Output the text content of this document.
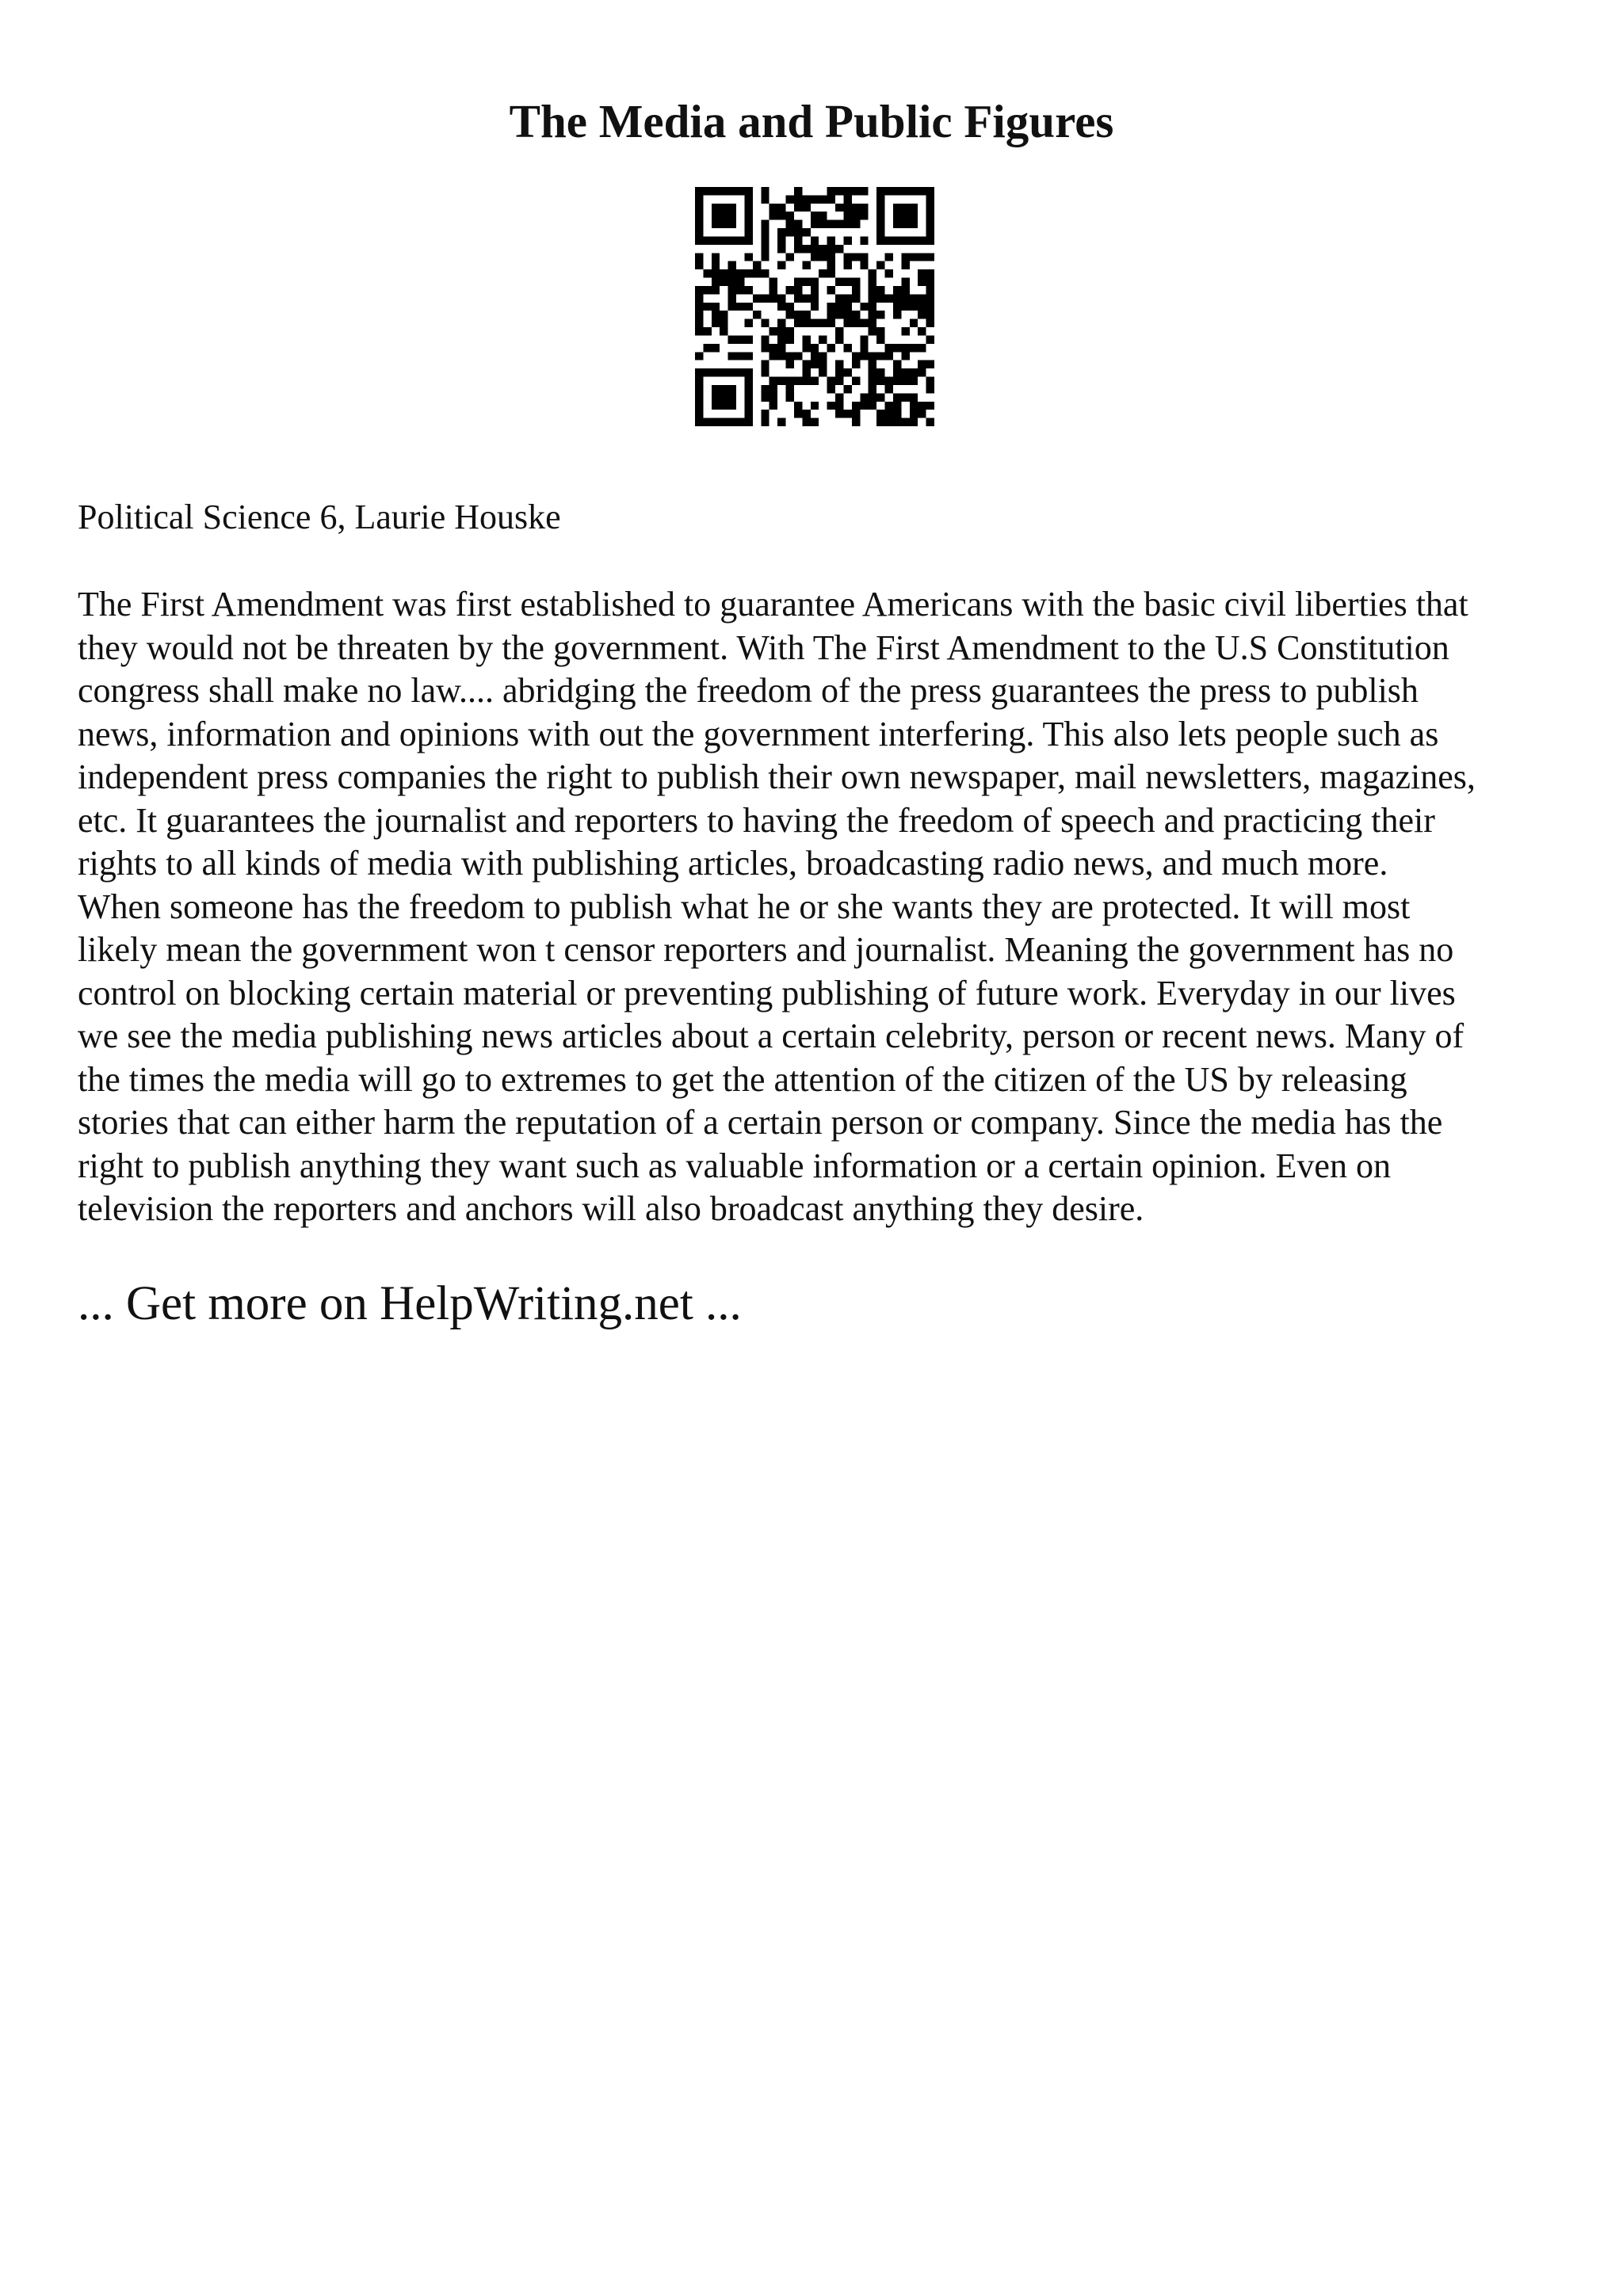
The Media and Public Figures

Political Science 6, Laurie Houske

The First Amendment was first established to guarantee Americans with the basic civil liberties that
they would not be threaten by the government. With The First Amendment to the U.S Constitution
congress shall make no law.... abridging the freedom of the press guarantees the press to publish
news, information and opinions with out the government interfering. This also lets people such as
independent press companies the right to publish their own newspaper, mail newsletters, magazines,
etc. It guarantees the journalist and reporters to having the freedom of speech and practicing their
rights to all kinds of media with publishing articles, broadcasting radio news, and much more.
When someone has the freedom to publish what he or she wants they are protected. It will most
likely mean the government won t censor reporters and journalist. Meaning the government has no
control on blocking certain material or preventing publishing of future work. Everyday in our lives
we see the media publishing news articles about a certain celebrity, person or recent news. Many of
the times the media will go to extremes to get the attention of the citizen of the US by releasing
stories that can either harm the reputation of a certain person or company. Since the media has the
right to publish anything they want such as valuable information or a certain opinion. Even on
television the reporters and anchors will also broadcast anything they desire.
... Get more on HelpWriting.net ...
